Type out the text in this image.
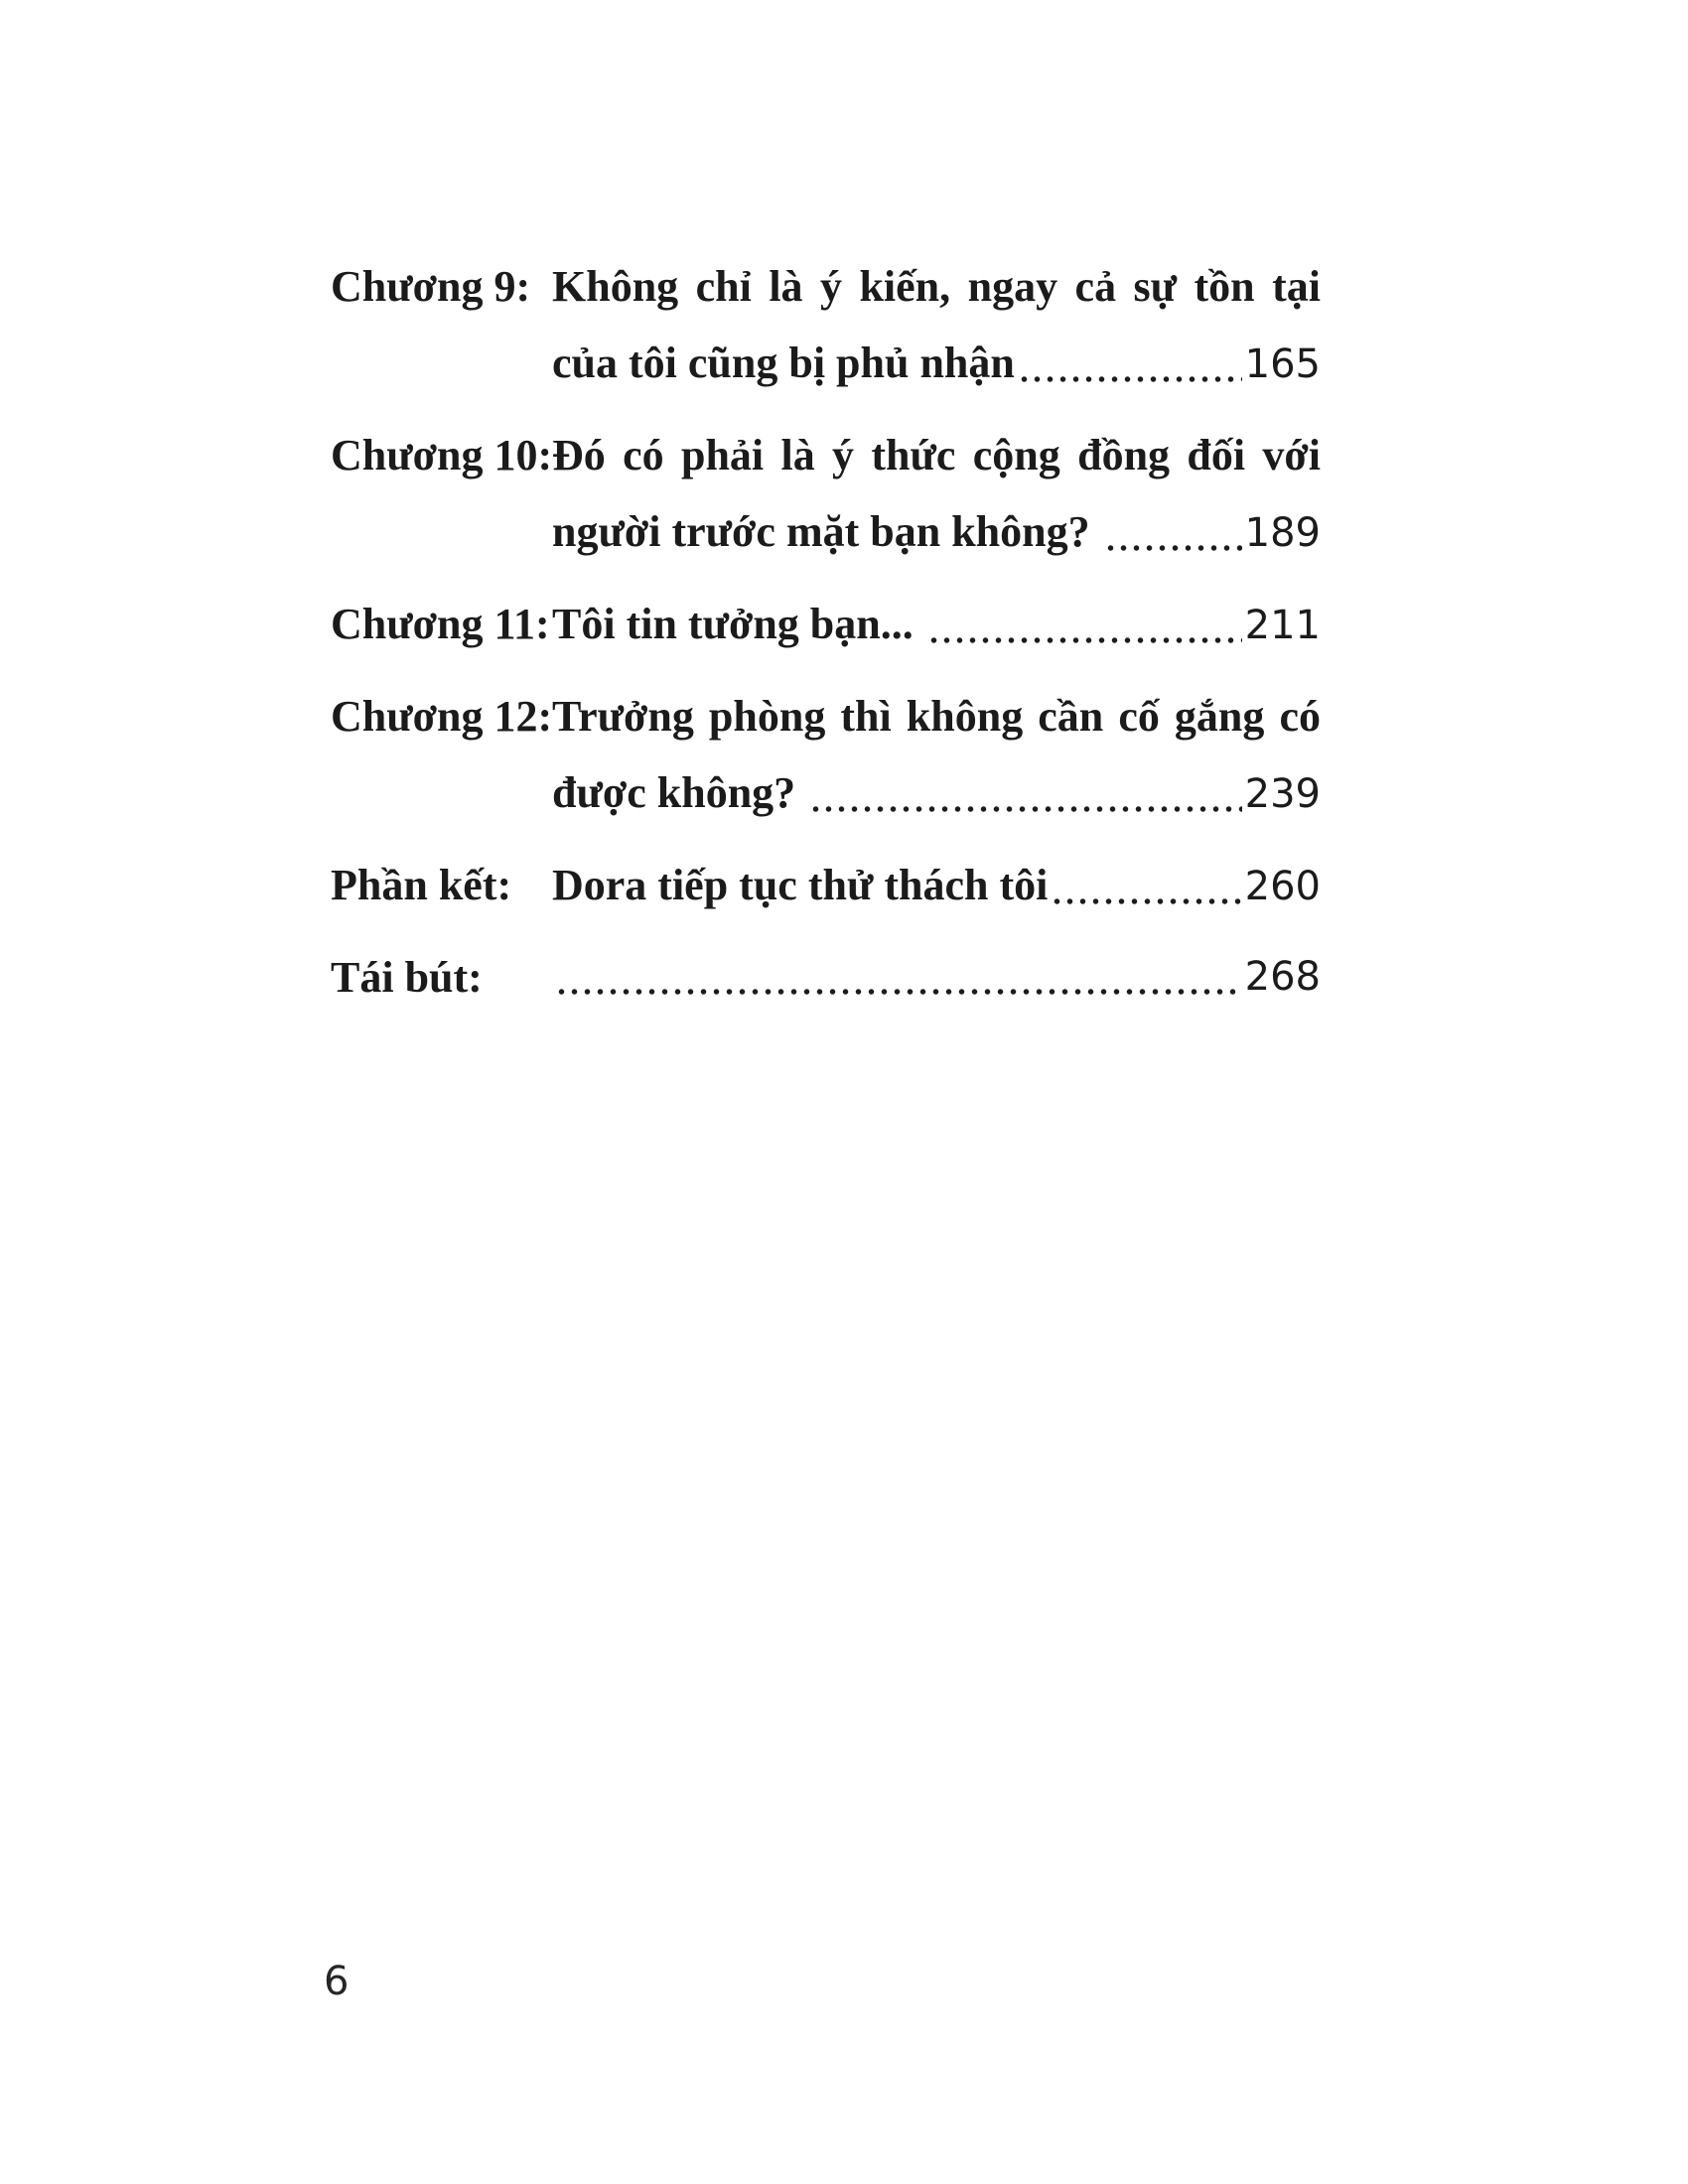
Chương 9: Không chỉ là ý kiến, ngay cả sự tồn tại
của tôi cũng bị phủ nhận	165
Chương 10: Đó có phải là ý thức cộng đồng đối với
người trước mặt bạn không?	189
Chương 11: Tôi tin tưởng bạn...	211
Chương 12: Trưởng phòng thì không cần cố gắng có
được không?	239
Phần kết: Dora tiếp tục thử thách tôi	260
Tái bút:	268
6
